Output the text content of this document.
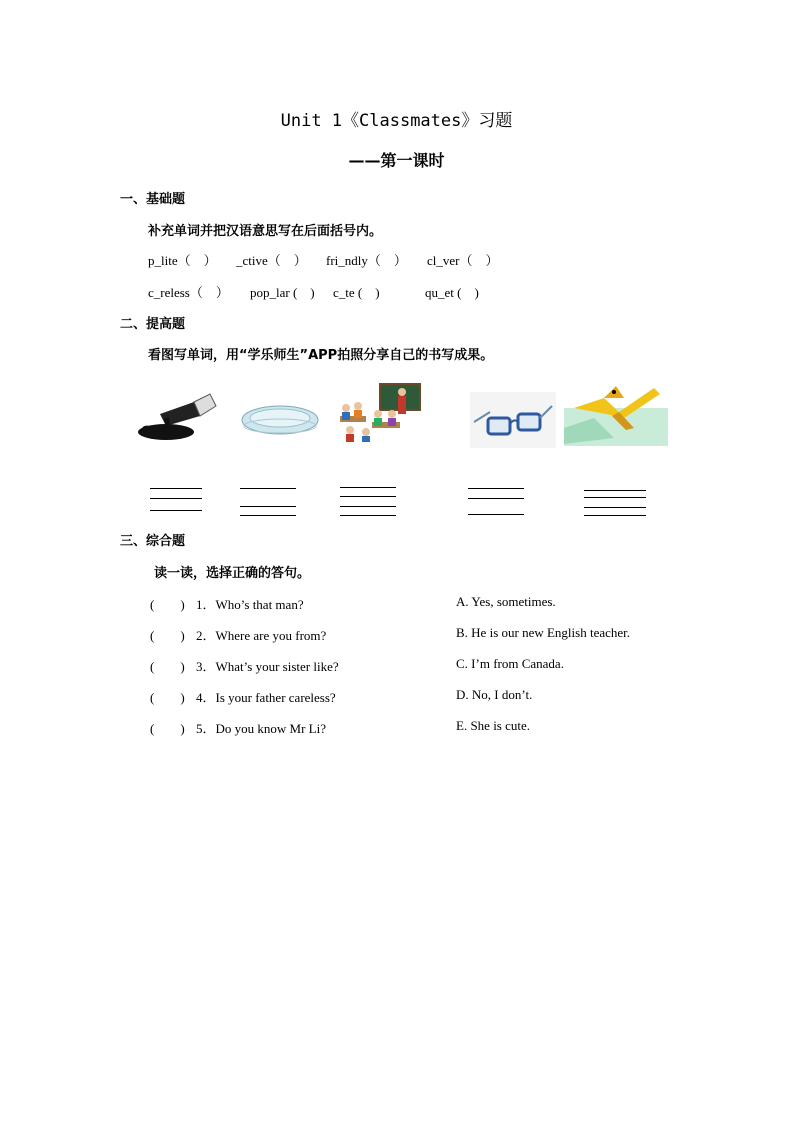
Unit 1《Classmates》习题
——第一课时
一、基础题
补充单词并把汉语意思写在后面括号内。
p_lite（　） _ctive（　） fri_ndly（　） cl_ver（　）
c_reless（　） pop_lar (　) c_te (　)	qu_et (　)
二、提高题
看图写单词，用“学乐师生”APP拍照分享自己的书写成果。
三、综合题
读一读，选择正确的答句。
(　　) 1．Who’s that man?	A. Yes, sometimes.
(　　) 2．Where are you from?	B. He is our new English teacher.
(　　) 3．What’s your sister like?	C. I’m from Canada.
(　　) 4．Is your father careless?	D. No, I don’t.
(　　) 5．Do you know Mr Li?	E. She is cute.
